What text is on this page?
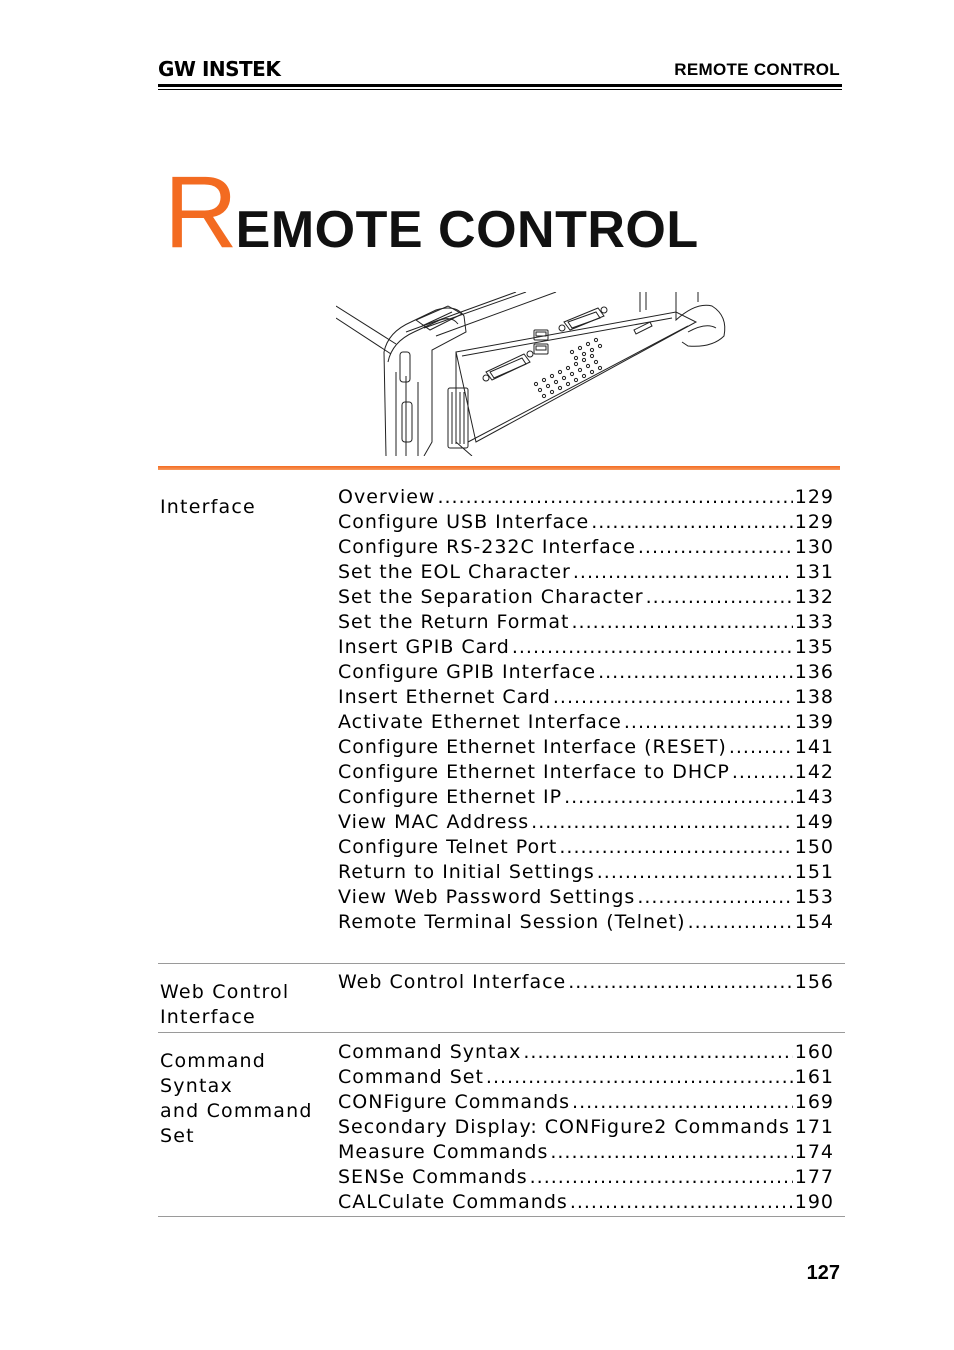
GW INSTEK	REMOTE CONTROL
REMOTE CONTROL
Interface	Overview .....	129
Configure USB Interface .....	129
Configure RS-232C Interface .....	130
Set the EOL Character .....	131
Set the Separation Character .....	132
Set the Return Format .....	133
Insert GPIB Card .....	135
Configure GPIB Interface .....	136
Insert Ethernet Card .....	138
Activate Ethernet Interface .....	139
Configure Ethernet Interface (RESET) .....	141
Configure Ethernet Interface to DHCP .....	142
Configure Ethernet IP .....	143
View MAC Address .....	149
Configure Telnet Port .....	150
Return to Initial Settings .....	151
View Web Password Settings .....	153
Remote Terminal Session (Telnet) .....	154
Web Control
Interface
Web Control Interface .....	156
Command Syntax
and Command
Set
Command Syntax .....	160
Command Set .....	161
CONFigure Commands .....	169
Secondary Display: CONFigure2 Commands ..... 171
Measure Commands .....	174
SENSe Commands .....	177
CALCulate Commands .....	190
127
